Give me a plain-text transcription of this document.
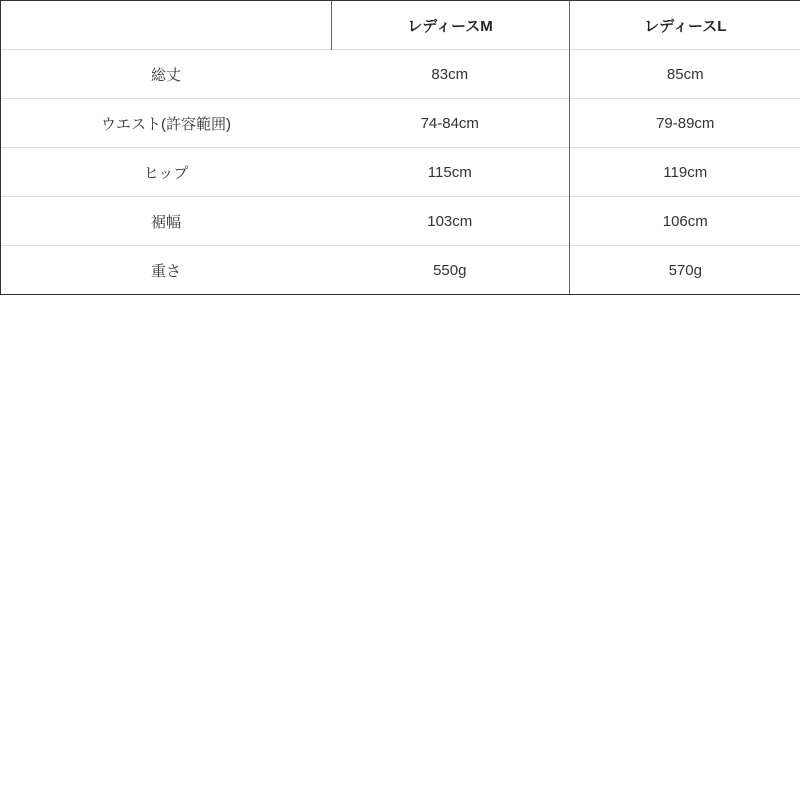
	レディースM	レディースL
総丈	83cm	85cm
ウエスト(許容範囲)	74-84cm	79-89cm
ヒップ	115cm	119cm
裾幅	103cm	106cm
重さ	550g	570g
